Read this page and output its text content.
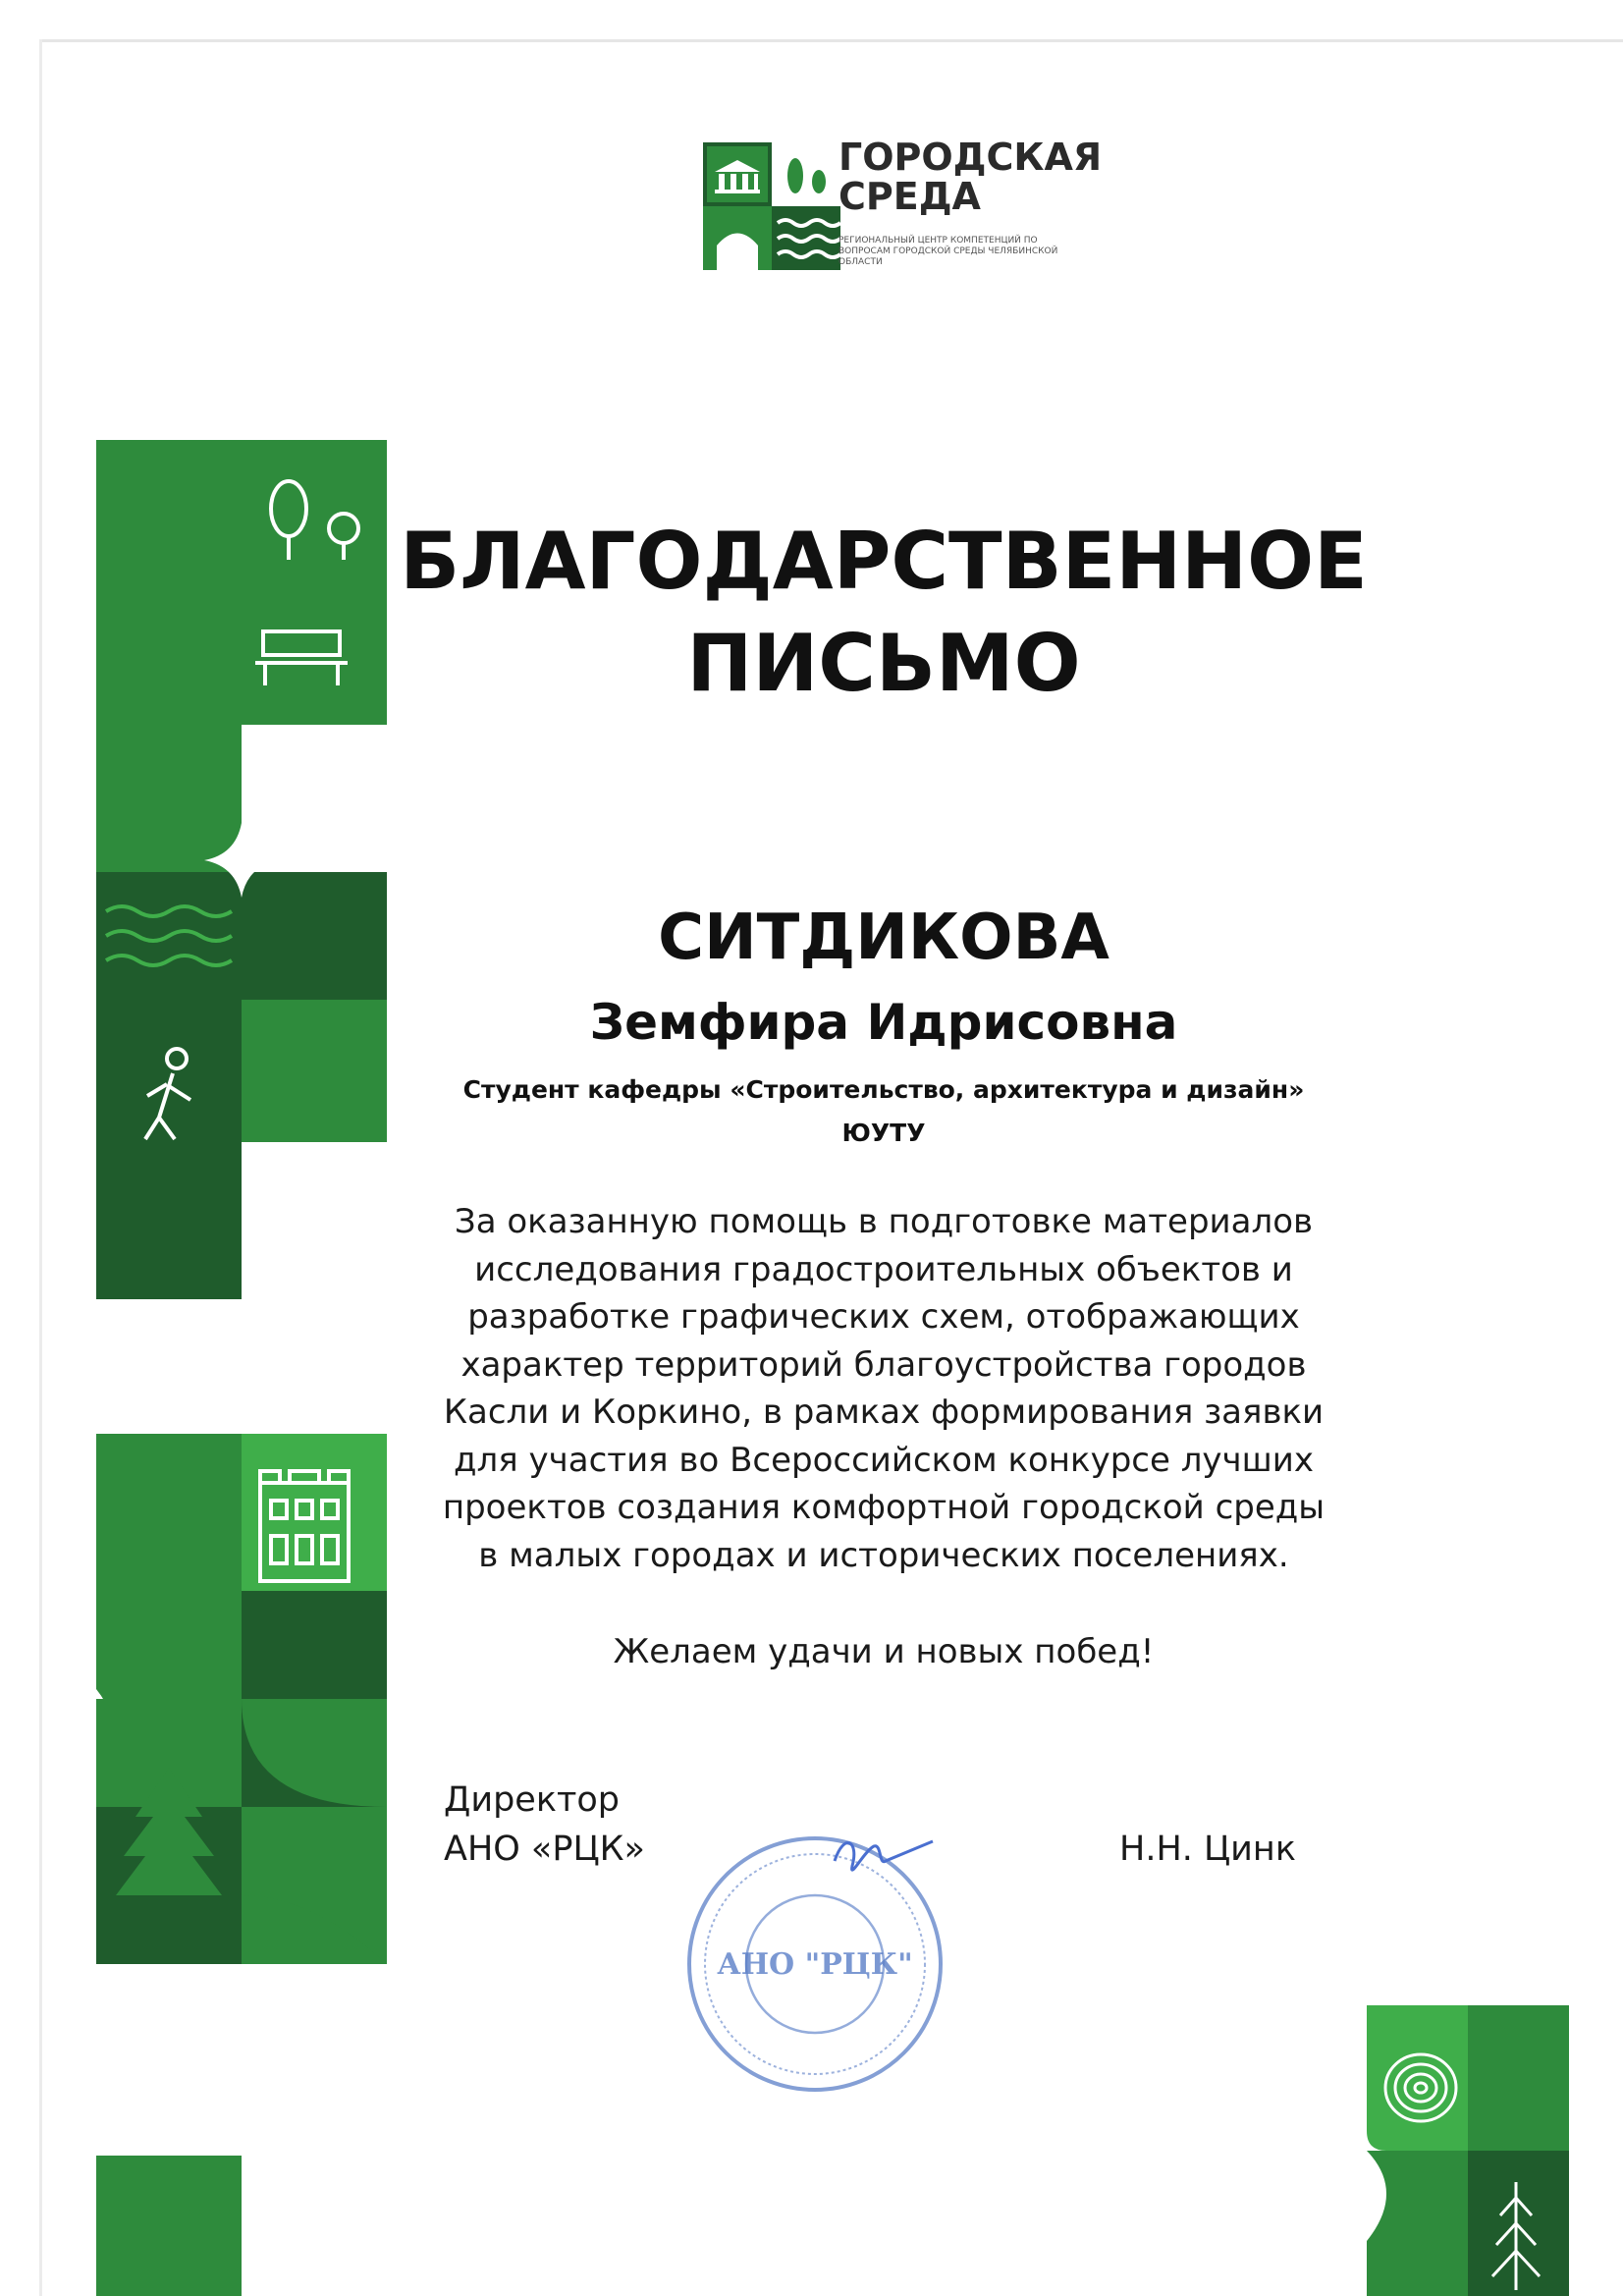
ГОРОДСКАЯ
СРЕДА
РЕГИОНАЛЬНЫЙ ЦЕНТР КОМПЕТЕНЦИЙ ПО ВОПРОСАМ ГОРОДСКОЙ СРЕДЫ ЧЕЛЯБИНСКОЙ ОБЛАСТИ
БЛАГОДАРСТВЕННОЕ
ПИСЬМО
СИТДИКОВА
Земфира Идрисовна
Студент кафедры «Строительство, архитектура и дизайн»
ЮУТУ
За оказанную помощь в подготовке материалов
исследования градостроительных объектов и
разработке графических схем, отображающих
характер территорий благоустройства городов
Касли и Коркино, в рамках формирования заявки
для участия во Всероссийском конкурсе лучших
проектов создания комфортной городской среды
в малых городах и исторических поселениях.
Желаем удачи и новых побед!
Директор
АНО «РЦК»	Н.Н. Цинк
АНО "РЦК"
